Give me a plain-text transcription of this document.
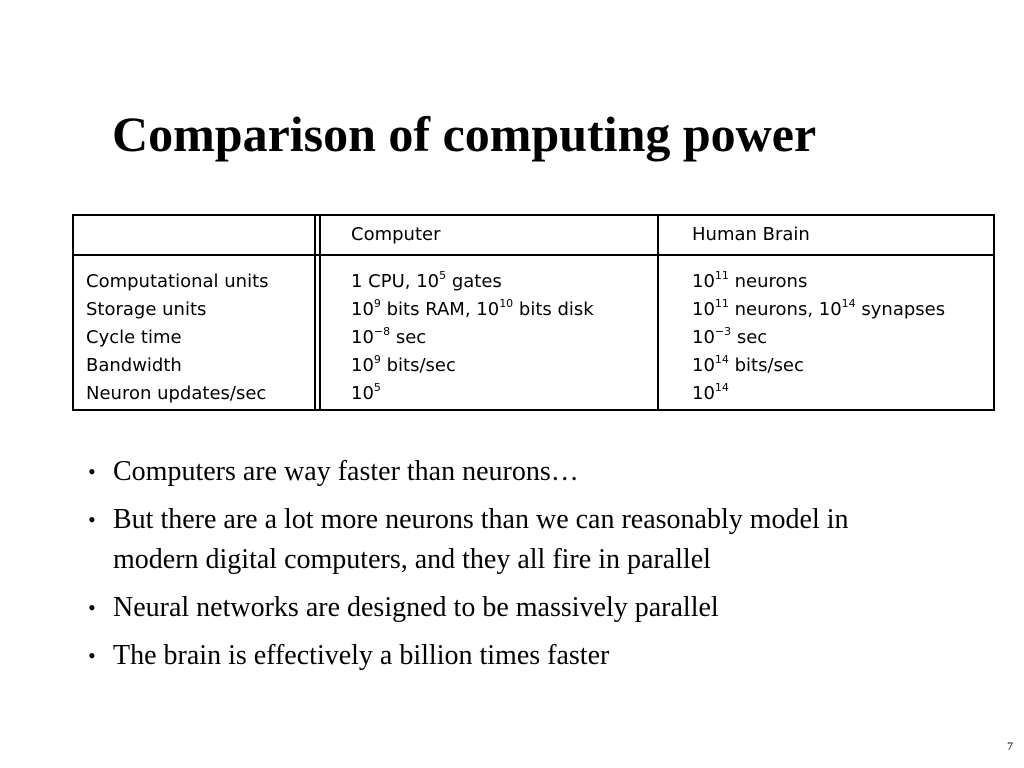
Comparison of computing power
Computer	Human Brain
Computational units
Storage units
Cycle time
Bandwidth
Neuron updates/sec
1 CPU, $10^5$ gates
$10^9$ bits RAM, $10^{10}$ bits disk
$10^{-8}$ sec
$10^9$ bits/sec
$10^5$
$10^{11}$ neurons
$10^{11}$ neurons, $10^{14}$ synapses
$10^{-3}$ sec
$10^{14}$ bits/sec
$10^{14}$
• Computers are way faster than neurons…
• But there are a lot more neurons than we can reasonably model in modern digital computers, and they all fire in parallel
• Neural networks are designed to be massively parallel
• The brain is effectively a billion times faster
7
